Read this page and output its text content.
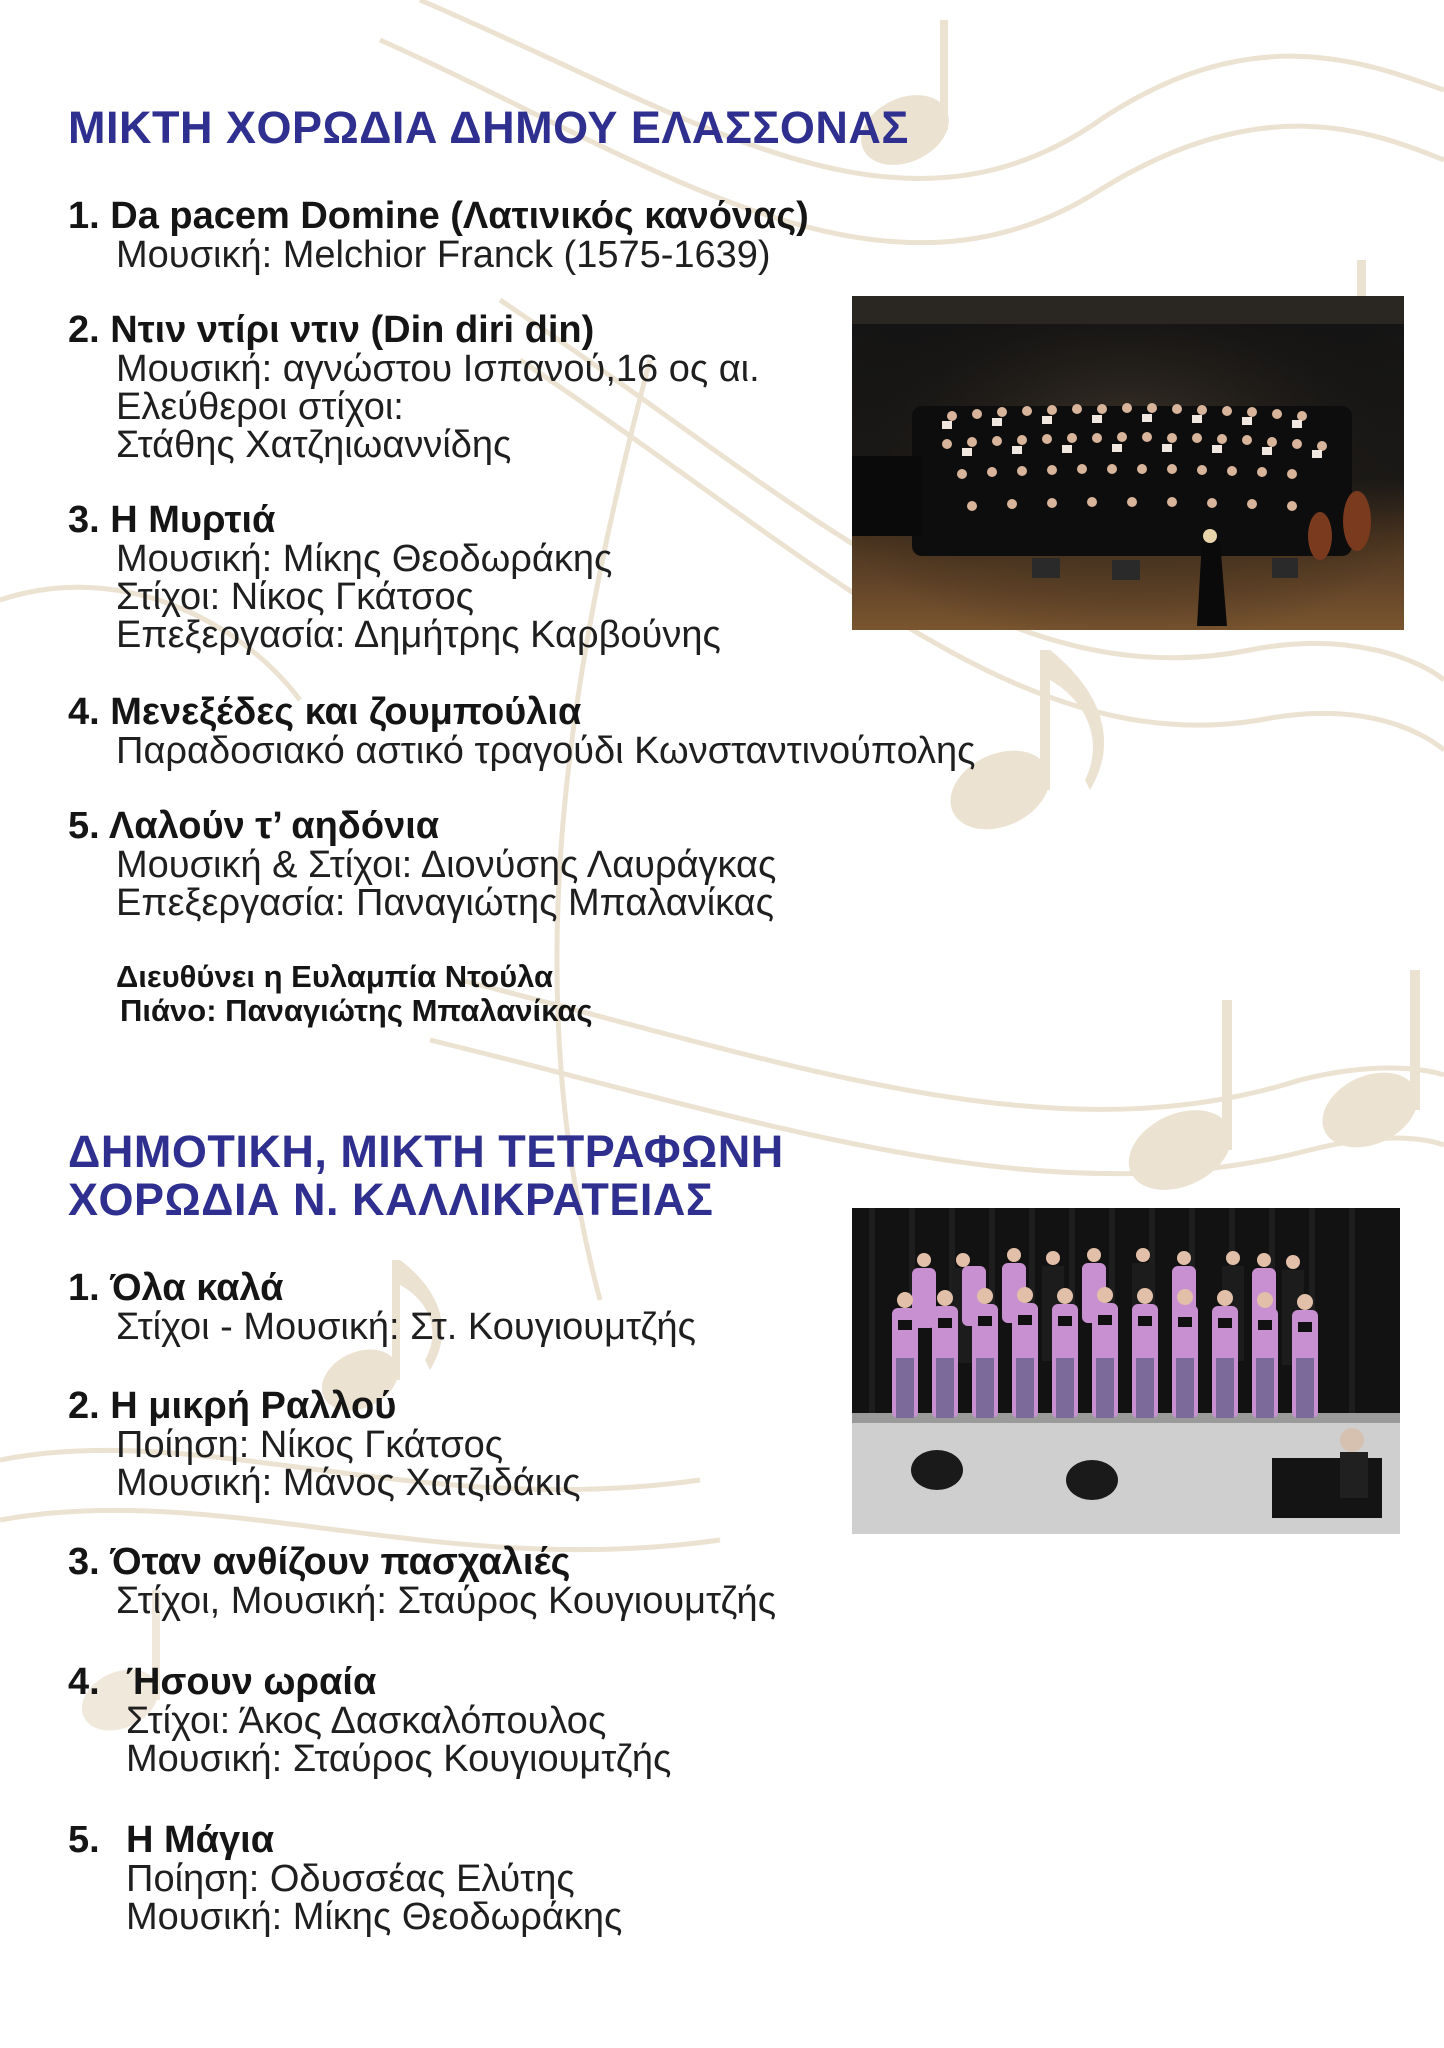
ΜΙΚΤΗ ΧΟΡΩΔΙΑ ΔΗΜΟΥ ΕΛΑΣΣΟΝΑΣ
1. Da pacem Domine (Λατινικός κανόνας)
Μουσική: Melchior Franck (1575-1639)
2. Ντιν ντίρι ντιν (Din diri din)
Μουσική: αγνώστου Ισπανού,16 ος αι.
Ελεύθεροι στίχοι:
Στάθης Χατζηιωαννίδης
3. Η Μυρτιά
Μουσική: Μίκης Θεοδωράκης
Στίχοι: Νίκος Γκάτσος
Επεξεργασία: Δημήτρης Καρβούνης
4. Μενεξέδες και ζουμπούλια
Παραδοσιακό αστικό τραγούδι Κωνσταντινούπολης
5. Λαλούν τ’ αηδόνια
Μουσική & Στίχοι: Διονύσης Λαυράγκας
Επεξεργασία: Παναγιώτης Μπαλανίκας
Διευθύνει η Ευλαμπία Ντούλα
Πιάνο: Παναγιώτης Μπαλανίκας
ΔΗΜΟΤΙΚΗ, ΜΙΚΤΗ ΤΕΤΡΑΦΩΝΗ
ΧΟΡΩΔΙΑ Ν. ΚΑΛΛΙΚΡΑΤΕΙΑΣ
1. Όλα καλά
Στίχοι - Μουσική: Στ. Κουγιουμτζής
2. Η μικρή Ραλλού
Ποίηση: Νίκος Γκάτσος
Μουσική: Μάνος Χατζιδάκις
3. Όταν ανθίζουν πασχαλιές
Στίχοι, Μουσική: Σταύρος Κουγιουμτζής
4. Ήσουν ωραία
Στίχοι: Άκος Δασκαλόπουλος
Μουσική: Σταύρος Κουγιουμτζής
5. Η Μάγια
Ποίηση: Οδυσσέας Ελύτης
Μουσική: Μίκης Θεοδωράκης
